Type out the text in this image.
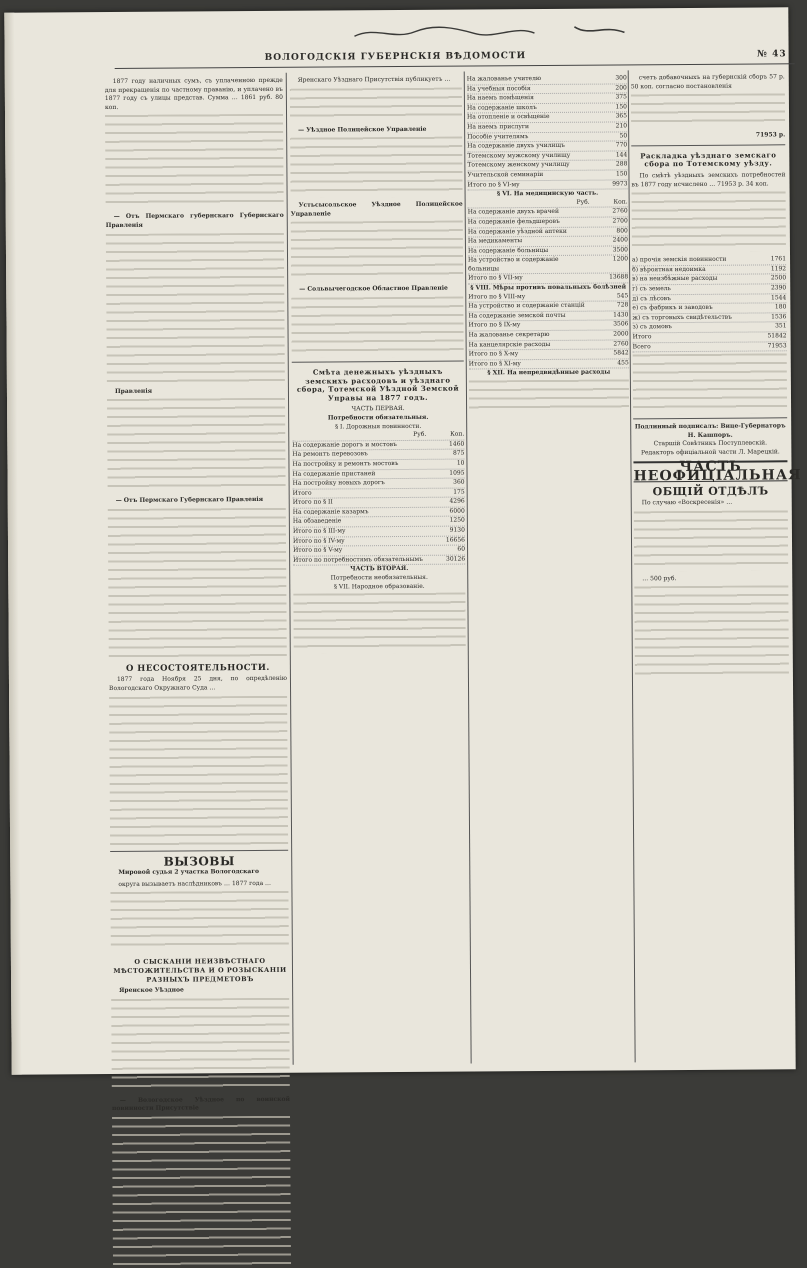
ВОЛОГОДСКІЯ ГУБЕРНСКІЯ ВѢДОМОСТИ	№ 43

1877 году наличных сумъ, съ уплаченною прежде для прекращенія по частному праванію, и уплачено въ 1877 году съ улицы представ. Сумма … 1861 руб. 80 коп.

— Отъ Пермскаго губернскаго Губернскаго Правленія

Правленія

— Отъ Пермскаго Губернскаго Правленія

О НЕСОСТОЯТЕЛЬНОСТИ.

1877 года Ноября 25 дня, по опредѣленію Вологодскаго Окружнаго Суда …

ВЫЗОВЫ

Мировой судья 2 участка Вологодскаго

округа вызываетъ наслѣдниковъ … 1877 года …

О СЫСКАНІИ НЕИЗВѢСТНАГО МѢСТОЖИТЕЛЬСТВА И О РОЗЫСКАНІИ РАЗНЫХЪ ПРЕДМЕТОВЪ

Яренское Уѣздное

— Вологодское Уѣздное по воинской повинности Присутствіе

Яренскаго Уѣзднаго Присутствія публикуетъ …

— Уѣздное Полицейское Управленіе

Устьсысольское Уѣздное Полицейское Управленіе

— Сольвычегодское Областное Правленіе

Смѣта денежныхъ уѣздныхъ земскихъ расходовъ и уѣзднаго сбора, Тотемской Уѣздной Земской Управы на 1877 годъ.
ЧАСТЬ ПЕРВАЯ.
Потребности обязательныя.
§ I. Дорожныя повинности.
Руб.	Коп.
На содержаніе дорогъ и мостовъ	1460
На ремонтъ перевозовъ	875
На постройку и ремонтъ мостовъ	10
На содержаніе пристаней	1095
На постройку новыхъ дорогъ	360
Итого	175
Итого по § II	4296
На содержаніе казармъ	6000
На обзаведеніе	1250
Итого по § III-му	9130
Итого по § IV-му	16656
Итого по § V-му	60
Итого по потребностямъ обязательнымъ	30126
ЧАСТЬ ВТОРАЯ.
Потребности необязательныя.
§ VII. Народное образованіе.
На жалованье учителю	300
На учебныя пособія	200
На наемъ помѣщенія	375
На содержаніе школъ	150
На отопленіе и освѣщеніе	365
На наемъ прислуги	210
Пособіе учителямъ	50
На содержаніе двухъ училищъ	770
Тотемскому мужскому училищу	144
Тотемскому женскому училищу	288
Учительской семинаріи	150
Итого по § VI-му	9973
§ VI. На медицинскую часть.
Руб.	Коп.
На содержаніе двухъ врачей	2760
На содержаніе фельдшеровъ	2700
На содержаніе уѣздной аптеки	800
На медикаменты	2400
На содержаніе больницы	3500
На устройство и содержаніе больницы
1200
Итого по § VII-му	13688
§ VIII. Мѣры противъ повальныхъ болѣзней
Итого по § VIII-му	545
На устройство и содержаніе станцій	728
На содержаніе земской почты	1430
Итого по § IX-му	3506
На жалованье секретарю	2000
На канцелярскіе расходы	2760
Итого по § X-му	5842
Итого по § XI-му	455
§ XII. На непредвидѣнные расходы

счетъ добавочныхъ на губернскій сборъ 57 р. 50 коп. согласно постановленія

71953 р.
Раскладка уѣзднаго земскаго сбора по Тотемскому уѣзду.

По смѣтѣ уѣздныхъ земскихъ потребностей въ 1877 году исчислено … 71953 р. 34 коп.

а) прочія земскія повинности	1761
б) вѣроятная недоимка	1192
в) на неизбѣжные расходы	2500
г) съ земель	2390
д) съ лѣсовъ	1544
е) съ фабрикъ и заводовъ	180
ж) съ торговыхъ свидѣтельствъ	1536
з) съ домовъ	351
Итого	51842
Всего	71953
Подлинный подписалъ: Вице-Губернаторъ
Н. Кашпоръ.
Старшій Совѣтникъ Поступлевскій.
Редакторъ офиціальной части Л. Марецкій.
ЧАСТЬ НЕОФИЦІАЛЬНАЯ
ОБЩІЙ ОТДѢЛЪ

По случаю «Воскресенія» …

… 500 руб.
